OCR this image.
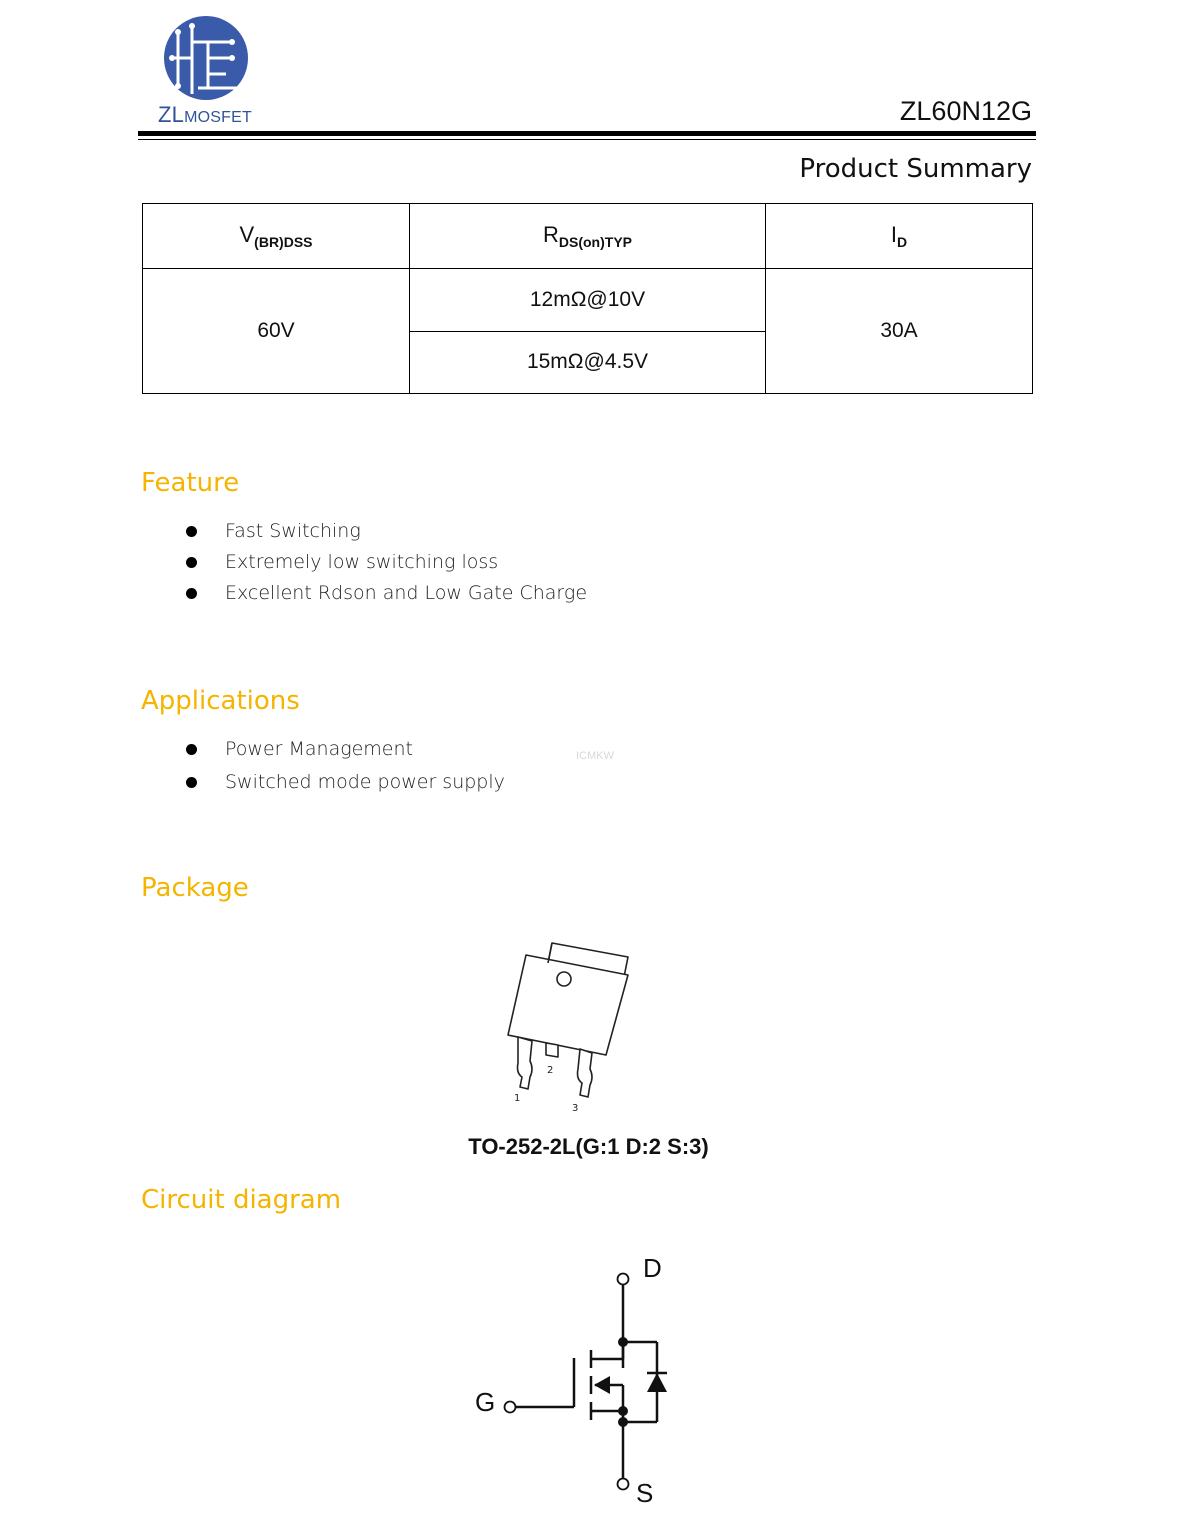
ZLMOSFET	ZL60N12G
Product Summary
$V_{(BR)DSS}$	$R_{DS(on)TYP}$	$I_D$
60V	12mΩ@10V	30A
	15mΩ@4.5V	
Feature
Fast Switching
Extremely low switching loss
Excellent Rdson and Low Gate Charge
Applications
Power Management
Switched mode power supply
ICMKW
Package
1
2
3
TO-252-2L(G:1 D:2 S:3)
Circuit diagram
D
G
S
